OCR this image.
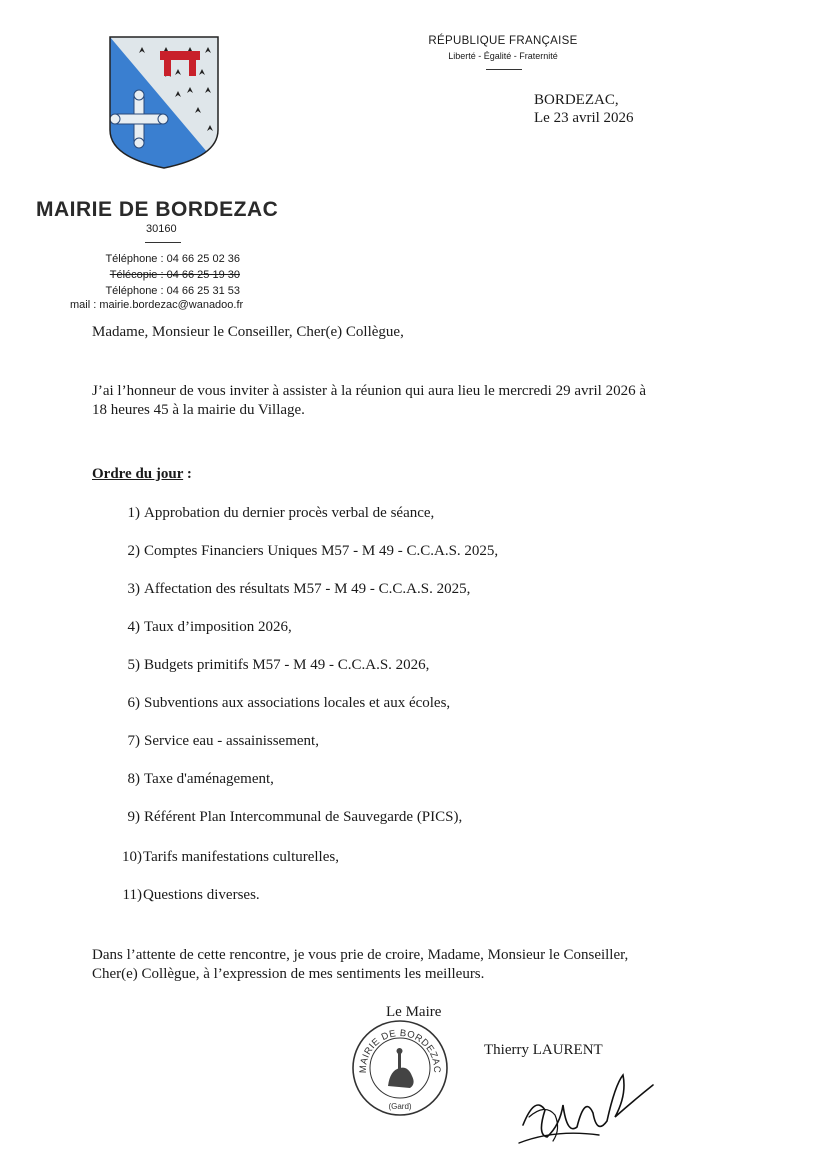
MAIRIE DE BORDEZAC
30160
Téléphone : 04 66 25 02 36
Télécopie : 04 66 25 19 30
Téléphone : 04 66 25 31 53
mail : mairie.bordezac@wanadoo.fr
RÉPUBLIQUE FRANÇAISE
Liberté - Égalité - Fraternité
BORDEZAC,
Le 23 avril 2026
Madame, Monsieur le Conseiller, Cher(e) Collègue,
J’ai l’honneur de vous inviter à assister à la réunion qui aura lieu le mercredi 29 avril 2026 à
18 heures 45 à la mairie du Village.
Ordre du jour :
1) Approbation du dernier procès verbal de séance,
2) Comptes Financiers Uniques M57 - M 49 - C.C.A.S. 2025,
3) Affectation des résultats M57 - M 49 - C.C.A.S. 2025,
4) Taux d’imposition 2026,
5) Budgets primitifs M57 - M 49 - C.C.A.S. 2026,
6) Subventions aux associations locales et aux écoles,
7) Service eau - assainissement,
8) Taxe d'aménagement,
9) Référent Plan Intercommunal de Sauvegarde (PICS),
10)Tarifs manifestations culturelles,
11)Questions diverses.
Dans l’attente de cette rencontre, je vous prie de croire, Madame, Monsieur le Conseiller,
Cher(e) Collègue, à l’expression de mes sentiments les meilleurs.
Le Maire
MAIRIE DE BORDEZAC
(Gard)
Thierry LAURENT
